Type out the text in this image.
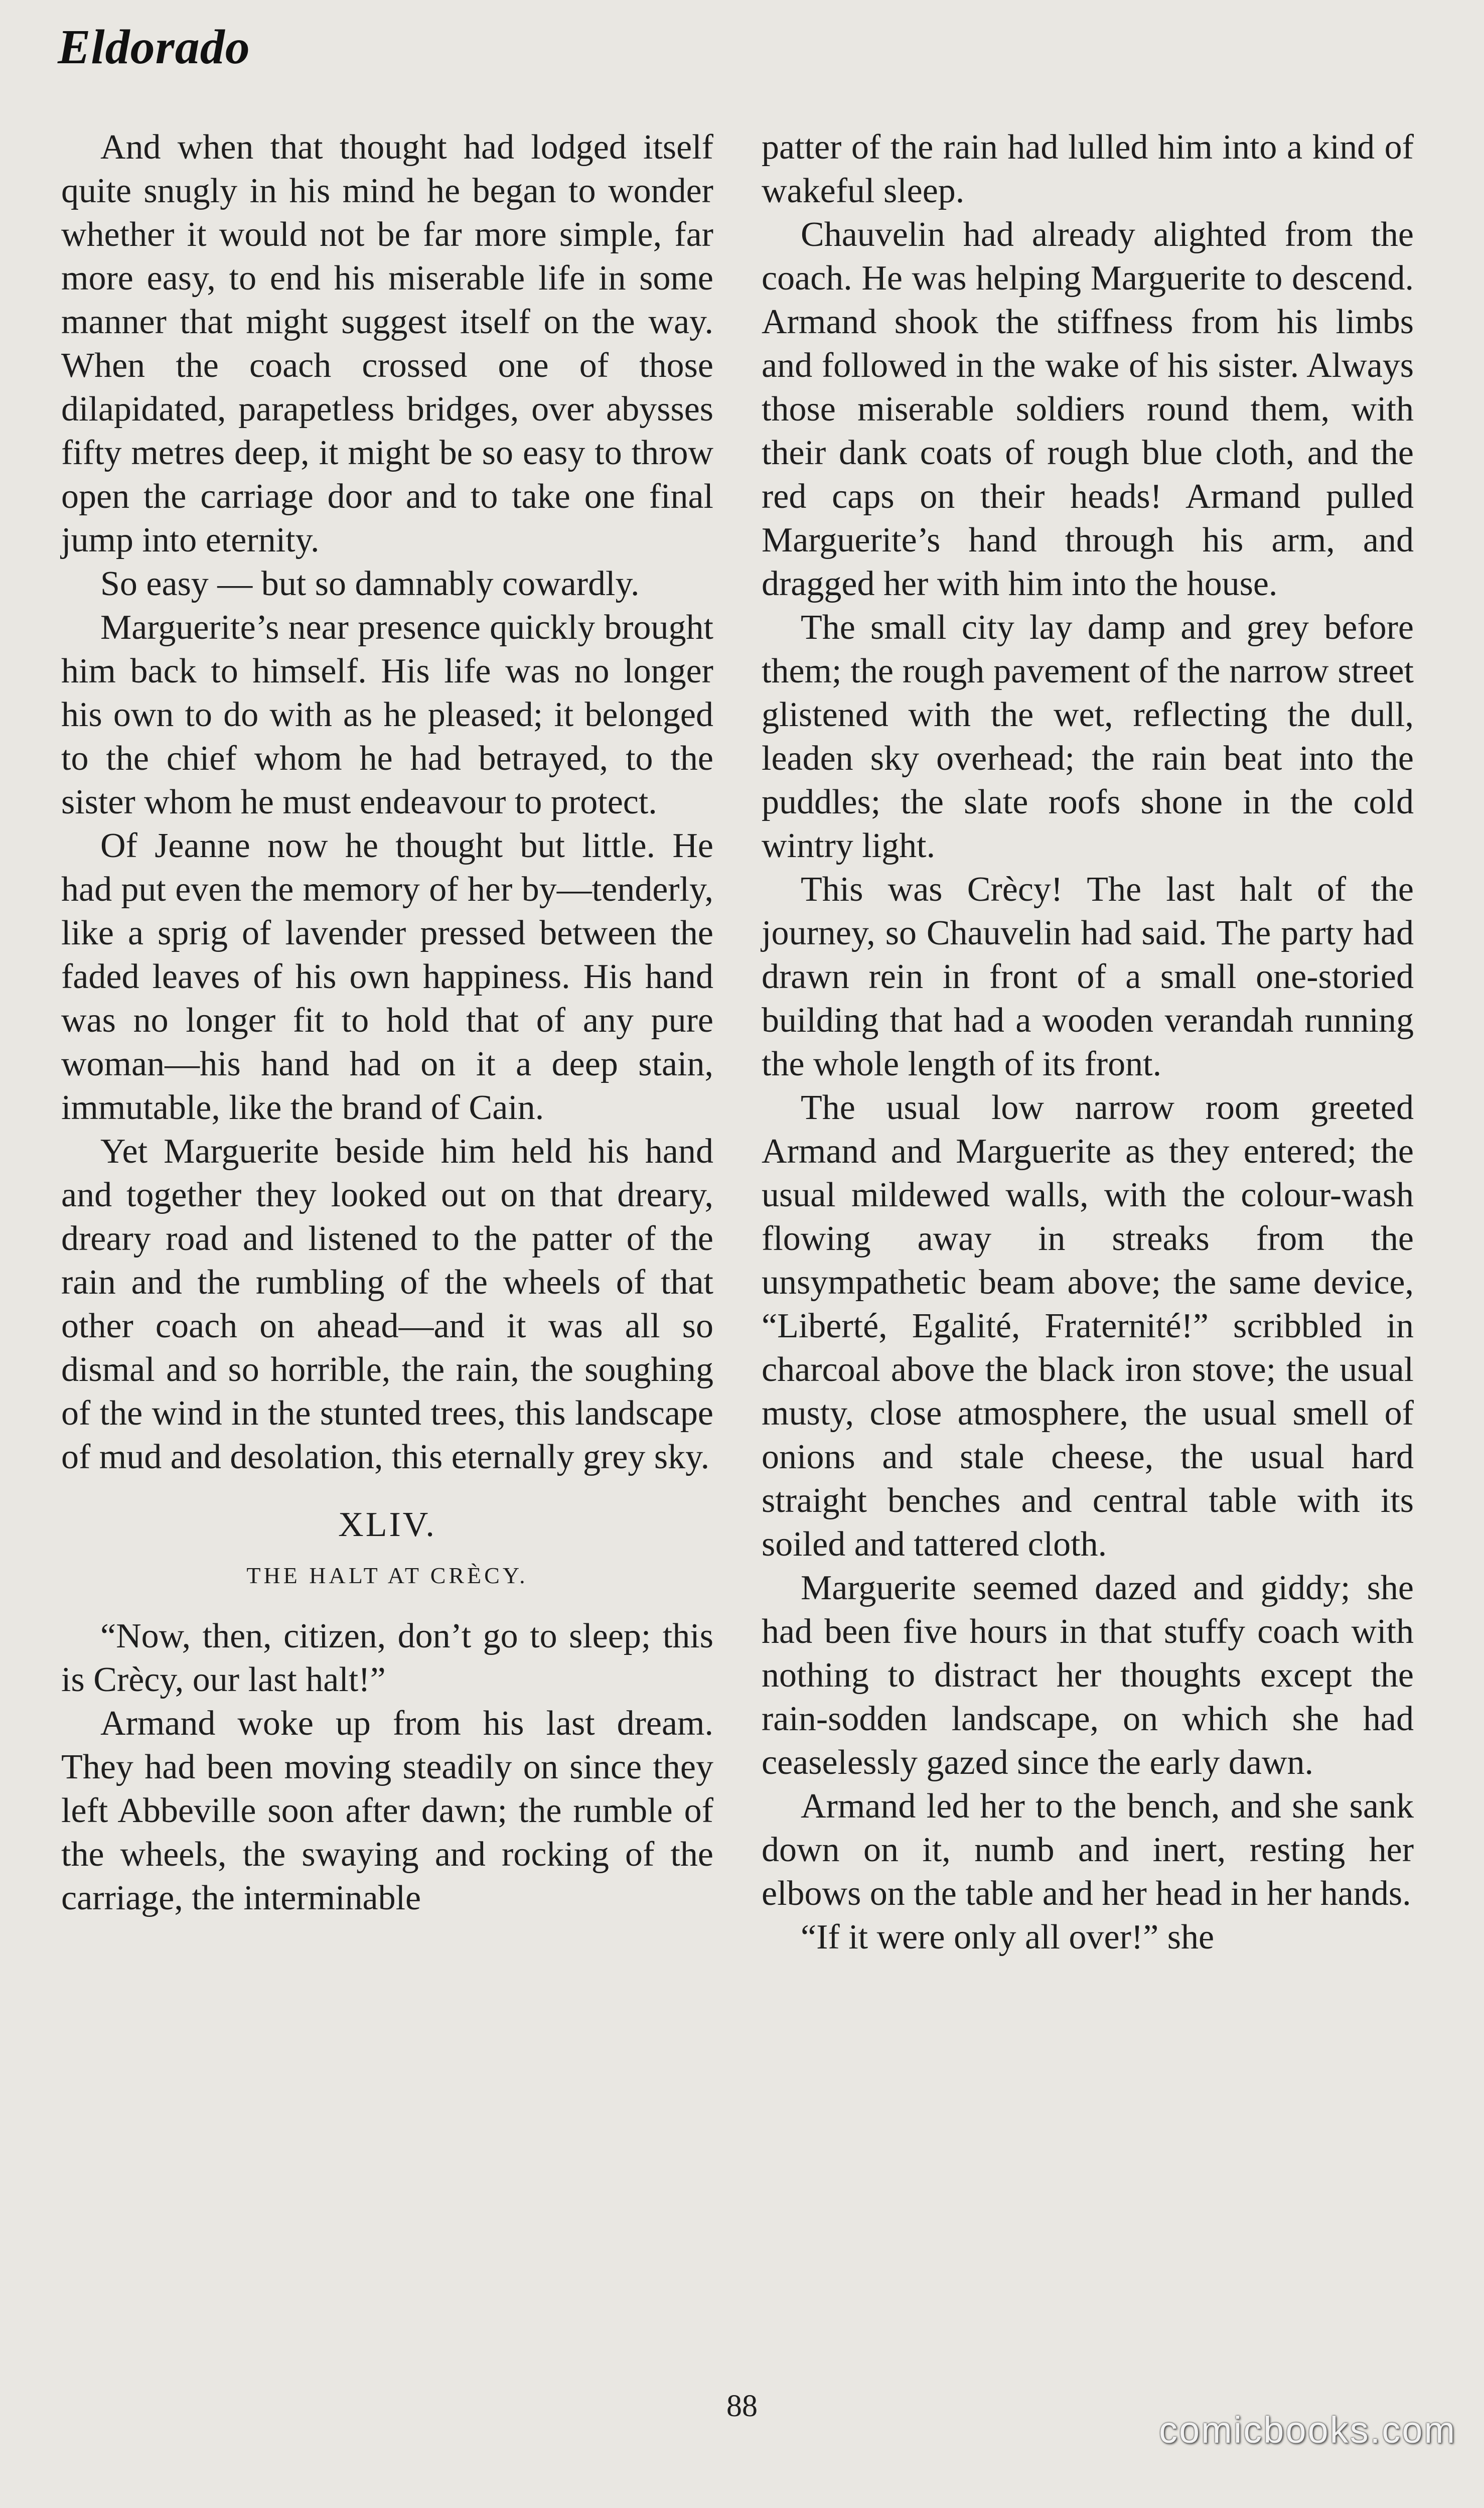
Eldorado

And when that thought had lodged itself quite snugly in his mind he began to wonder whether it would not be far more simple, far more easy, to end his miserable life in some manner that might suggest itself on the way. When the coach crossed one of those dilapidated, parapetless bridges, over abysses fifty metres deep, it might be so easy to throw open the carriage door and to take one final jump into eternity.

So easy — but so damnably cowardly.

Marguerite’s near presence quickly brought him back to himself. His life was no longer his own to do with as he pleased; it belonged to the chief whom he had betrayed, to the sister whom he must endeavour to protect.

Of Jeanne now he thought but little. He had put even the memory of her by—tenderly, like a sprig of lavender pressed between the faded leaves of his own happiness. His hand was no longer fit to hold that of any pure woman—his hand had on it a deep stain, immutable, like the brand of Cain.

Yet Marguerite beside him held his hand and together they looked out on that dreary, dreary road and listened to the patter of the rain and the rumbling of the wheels of that other coach on ahead—and it was all so dismal and so horrible, the rain, the soughing of the wind in the stunted trees, this landscape of mud and desolation, this eternally grey sky.

XLIV.
THE HALT AT CRÈCY.

“Now, then, citizen, don’t go to sleep; this is Crècy, our last halt!”

Armand woke up from his last dream. They had been moving steadily on since they left Abbeville soon after dawn; the rumble of the wheels, the swaying and rocking of the carriage, the interminable

patter of the rain had lulled him into a kind of wakeful sleep.

Chauvelin had already alighted from the coach. He was helping Marguerite to descend. Armand shook the stiffness from his limbs and followed in the wake of his sister. Always those miserable soldiers round them, with their dank coats of rough blue cloth, and the red caps on their heads! Armand pulled Marguerite’s hand through his arm, and dragged her with him into the house.

The small city lay damp and grey before them; the rough pavement of the narrow street glistened with the wet, reflecting the dull, leaden sky overhead; the rain beat into the puddles; the slate roofs shone in the cold wintry light.

This was Crècy! The last halt of the journey, so Chauvelin had said. The party had drawn rein in front of a small one-storied building that had a wooden verandah running the whole length of its front.

The usual low narrow room greeted Armand and Marguerite as they entered; the usual mildewed walls, with the colour-wash flowing away in streaks from the unsympathetic beam above; the same device, “Liberté, Egalité, Fraternité!” scribbled in charcoal above the black iron stove; the usual musty, close atmosphere, the usual smell of onions and stale cheese, the usual hard straight benches and central table with its soiled and tattered cloth.

Marguerite seemed dazed and giddy; she had been five hours in that stuffy coach with nothing to distract her thoughts except the rain-sodden landscape, on which she had ceaselessly gazed since the early dawn.

Armand led her to the bench, and she sank down on it, numb and inert, resting her elbows on the table and her head in her hands.

“If it were only all over!” she

88
comicbooks.com
